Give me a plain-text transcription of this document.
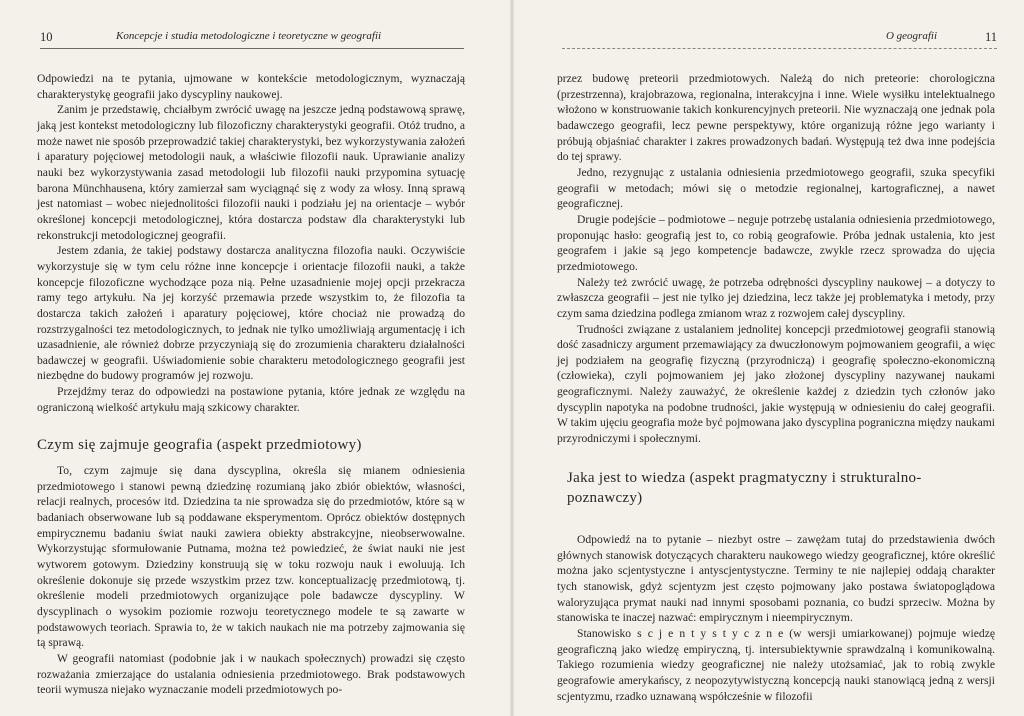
10	Koncepcje i studia metodologiczne i teoretyczne w geografii

Odpowiedzi na te pytania, ujmowane w kontekście metodologicznym, wyznaczają charakterystykę geografii jako dyscypliny naukowej.

Zanim je przedstawię, chciałbym zwrócić uwagę na jeszcze jedną podstawową sprawę, jaką jest kontekst metodologiczny lub filozoficzny charakterystyki geografii. Otóż trudno, a może nawet nie sposób przeprowadzić takiej charakterystyki, bez wykorzystywania założeń i aparatury pojęciowej metodologii nauk, a właściwie filozofii nauk. Uprawianie analizy nauki bez wykorzystywania zasad metodologii lub filozofii nauki przypomina sytuację barona Münchhausena, który zamierzał sam wyciągnąć się z wody za włosy. Inną sprawą jest natomiast – wobec niejednolitości filozofii nauki i podziału jej na orientacje – wybór określonej koncepcji metodologicznej, która dostarcza podstaw dla charakterystyki lub rekonstrukcji metodologicznej geografii.

Jestem zdania, że takiej podstawy dostarcza analityczna filozofia nauki. Oczywiście wykorzystuje się w tym celu różne inne koncepcje i orientacje filozofii nauki, a także koncepcje filozoficzne wychodzące poza nią. Pełne uzasadnienie mojej opcji przekracza ramy tego artykułu. Na jej korzyść przemawia przede wszystkim to, że filozofia ta dostarcza takich założeń i aparatury pojęciowej, które chociaż nie prowadzą do rozstrzygalności tez metodologicznych, to jednak nie tylko umożliwiają argumentację i ich uzasadnienie, ale również dobrze przyczyniają się do zrozumienia charakteru działalności badawczej w geografii. Uświadomienie sobie charakteru metodologicznego geografii jest niezbędne do budowy programów jej rozwoju.

Przejdźmy teraz do odpowiedzi na postawione pytania, które jednak ze względu na ograniczoną wielkość artykułu mają szkicowy charakter.

Czym się zajmuje geografia (aspekt przedmiotowy)

To, czym zajmuje się dana dyscyplina, określa się mianem odniesienia przedmiotowego i stanowi pewną dziedzinę rozumianą jako zbiór obiektów, własności, relacji realnych, procesów itd. Dziedzina ta nie sprowadza się do przedmiotów, które są w badaniach obserwowane lub są poddawane eksperymentom. Oprócz obiektów dostępnych empirycznemu badaniu świat nauki zawiera obiekty abstrakcyjne, nieobserwowalne. Wykorzystując sformułowanie Putnama, można też powiedzieć, że świat nauki nie jest wytworem gotowym. Dziedziny konstruują się w toku rozwoju nauk i ewoluują. Ich określenie dokonuje się przede wszystkim przez tzw. konceptualizację przedmiotową, tj. określenie modeli przedmiotowych organizujące pole badawcze dyscypliny. W dyscyplinach o wysokim poziomie rozwoju teoretycznego modele te są zawarte w podstawowych teoriach. Sprawia to, że w takich naukach nie ma potrzeby zajmowania się tą sprawą.

W geografii natomiast (podobnie jak i w naukach społecznych) prowadzi się często rozważania zmierzające do ustalania odniesienia przedmiotowego. Brak podstawowych teorii wymusza niejako wyznaczanie modeli przedmiotowych po-

O geografii	11

przez budowę preteorii przedmiotowych. Należą do nich preteorie: chorologiczna (przestrzenna), krajobrazowa, regionalna, interakcyjna i inne. Wiele wysiłku intelektualnego włożono w konstruowanie takich konkurencyjnych preteorii. Nie wyznaczają one jednak pola badawczego geografii, lecz pewne perspektywy, które organizują różne jego warianty i próbują objaśniać charakter i zakres prowadzonych badań. Występują też dwa inne podejścia do tej sprawy.

Jedno, rezygnując z ustalania odniesienia przedmiotowego geografii, szuka specyfiki geografii w metodach; mówi się o metodzie regionalnej, kartograficznej, a nawet geograficznej.

Drugie podejście – podmiotowe – neguje potrzebę ustalania odniesienia przedmiotowego, proponując hasło: geografią jest to, co robią geografowie. Próba jednak ustalenia, kto jest geografem i jakie są jego kompetencje badawcze, zwykle rzecz sprowadza do ujęcia przedmiotowego.

Należy też zwrócić uwagę, że potrzeba odrębności dyscypliny naukowej – a dotyczy to zwłaszcza geografii – jest nie tylko jej dziedzina, lecz także jej problematyka i metody, przy czym sama dziedzina podlega zmianom wraz z rozwojem całej dyscypliny.

Trudności związane z ustalaniem jednolitej koncepcji przedmiotowej geografii stanowią dość zasadniczy argument przemawiający za dwuczłonowym pojmowaniem geografii, a więc jej podziałem na geografię fizyczną (przyrodniczą) i geografię społeczno-ekonomiczną (człowieka), czyli pojmowaniem jej jako złożonej dyscypliny nazywanej naukami geograficznymi. Należy zauważyć, że określenie każdej z dziedzin tych członów jako dyscyplin napotyka na podobne trudności, jakie występują w odniesieniu do całej geografii. W takim ujęciu geografia może być pojmowana jako dyscyplina pograniczna między naukami przyrodniczymi i społecznymi.

Jaka jest to wiedza (aspekt pragmatyczny i strukturalno-poznawczy)

Odpowiedź na to pytanie – niezbyt ostre – zawężam tutaj do przedstawienia dwóch głównych stanowisk dotyczących charakteru naukowego wiedzy geograficznej, które określić można jako scjentystyczne i antyscjentystyczne. Terminy te nie najlepiej oddają charakter tych stanowisk, gdyż scjentyzm jest często pojmowany jako postawa światopoglądowa waloryzująca prymat nauki nad innymi sposobami poznania, co budzi sprzeciw. Można by stanowiska te inaczej nazwać: empirycznym i nieempirycznym.

Stanowisko s c j e n t y s t y c z n e (w wersji umiarkowanej) pojmuje wiedzę geograficzną jako wiedzę empiryczną, tj. intersubiektywnie sprawdzalną i komunikowalną. Takiego rozumienia wiedzy geograficznej nie należy utożsamiać, jak to robią zwykle geografowie amerykańscy, z neopozytywistyczną koncepcją nauki stanowiącą jedną z wersji scjentyzmu, rzadko uznawaną współcześnie w filozofii
